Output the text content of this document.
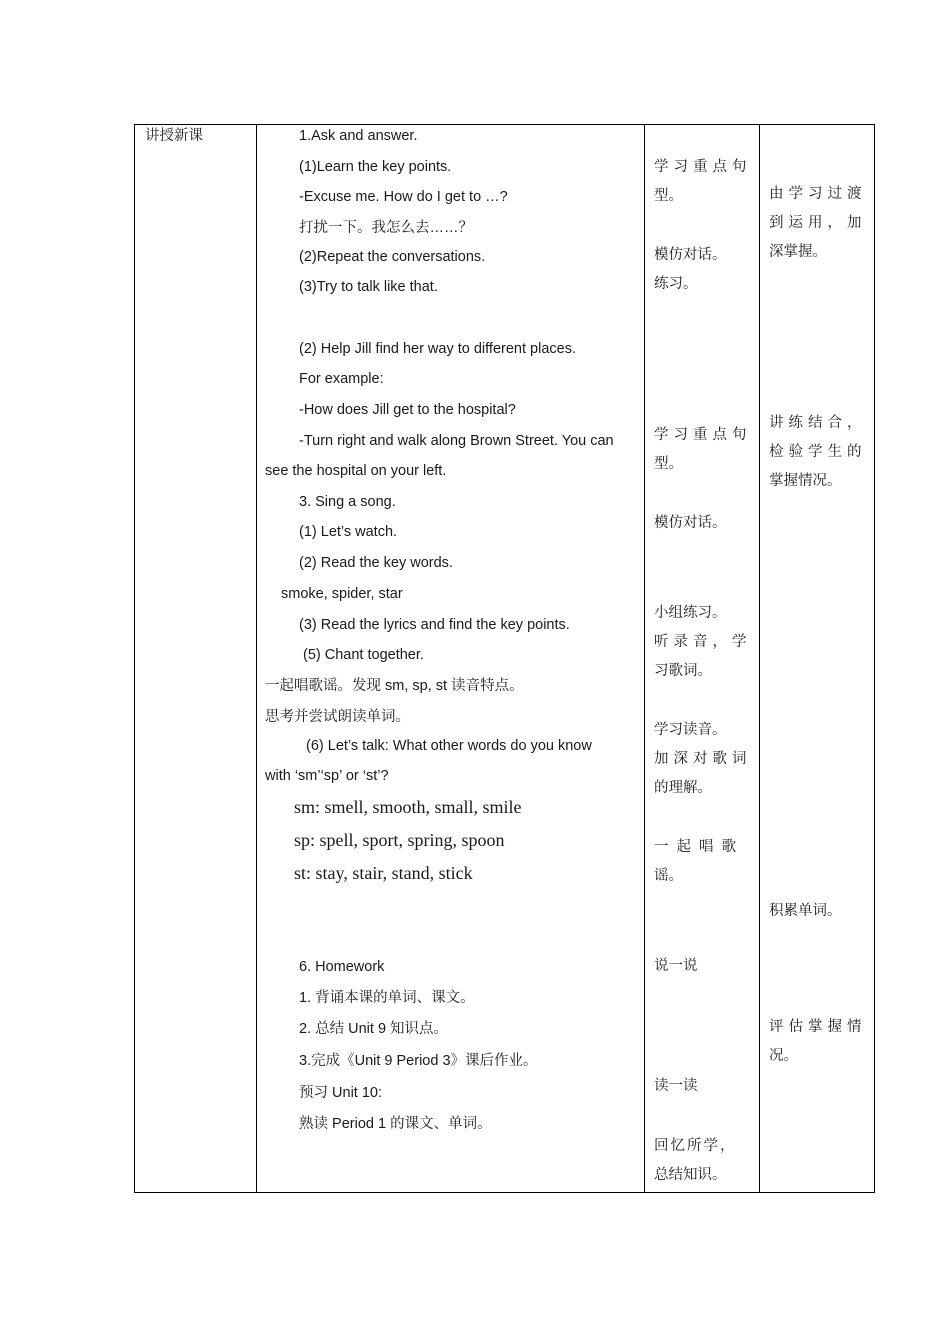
讲授新课	1.Ask and answer.
(1)Learn the key points.
-Excuse me. How do I get to …?
打扰一下。我怎么去……？
(2)Repeat the conversations.
(3)Try to talk like that.
(2) Help Jill find her way to different places.
For example:
-How does Jill get to the hospital?
-Turn right and walk along Brown Street. You can
see the hospital on your left.
3. Sing a song.
(1) Let’s watch.
(2) Read the key words.
smoke, spider, star
(3) Read the lyrics and find the key points.
(5) Chant together.
一起唱歌谣。发现 sm, sp, st 读音特点。
思考并尝试朗读单词。
(6) Let’s talk: What other words do you know
with ‘sm’‘sp’ or ‘st’?
sm: smell, smooth, small, smile
sp: spell, sport, spring, spoon
st: stay, stair, stand, stick
6. Homework
1. 背诵本课的单词、课文。
2. 总结 Unit 9 知识点。
3.完成《Unit 9 Period 3》课后作业。
预习 Unit 10:
熟读 Period 1 的课文、单词。
学习重点句
型。
模仿对话。
练习。
学习重点句
型。
模仿对话。
小组练习。
听录音，学
习歌词。
学习读音。
加深对歌词
的理解。
一 起 唱 歌
谣。
说一说
读一读
回忆所学，
总结知识。
由学习过渡
到运用，加
深掌握。
讲练结合，
检验学生的
掌握情况。
积累单词。
评估掌握情
况。
